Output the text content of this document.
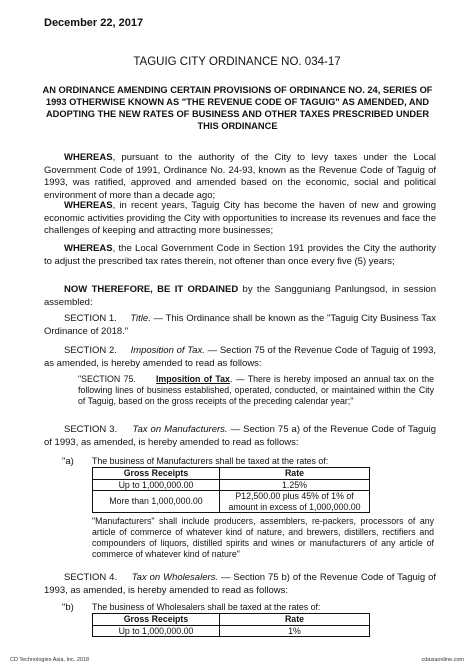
December 22, 2017
TAGUIG CITY ORDINANCE NO. 034-17
AN ORDINANCE AMENDING CERTAIN PROVISIONS OF ORDINANCE NO. 24, SERIES OF 1993 OTHERWISE KNOWN AS "THE REVENUE CODE OF TAGUIG" AS AMENDED, AND ADOPTING THE NEW RATES OF BUSINESS AND OTHER TAXES PRESCRIBED UNDER THIS ORDINANCE
WHEREAS, pursuant to the authority of the City to levy taxes under the Local Government Code of 1991, Ordinance No. 24-93, known as the Revenue Code of Taguig of 1993, was ratified, approved and amended based on the economic, social and political environment of more than a decade ago;
WHEREAS, in recent years, Taguig City has become the haven of new and growing economic activities providing the City with opportunities to increase its revenues and face the challenges of keeping and attracting more businesses;
WHEREAS, the Local Government Code in Section 191 provides the City the authority to adjust the prescribed tax rates therein, not oftener than once every five (5) years;
NOW THEREFORE, BE IT ORDAINED by the Sangguniang Panlungsod, in session assembled:
SECTION 1. Title. — This Ordinance shall be known as the "Taguig City Business Tax Ordinance of 2018."
SECTION 2. Imposition of Tax. — Section 75 of the Revenue Code of Taguig of 1993, as amended, is hereby amended to read as follows:
"SECTION 75. Imposition of Tax. — There is hereby imposed an annual tax on the following lines of business established, operated, conducted, or maintained within the City of Taguig, based on the gross receipts of the preceding calendar year;"
SECTION 3. Tax on Manufacturers. — Section 75 a) of the Revenue Code of Taguig of 1993, as amended, is hereby amended to read as follows:
"a) The business of Manufacturers shall be taxed at the rates of:
Gross Receipts	Rate
Up to 1,000,000.00	1.25%
More than 1,000,000.00	P12,500.00 plus 45% of 1% of amount in excess of 1,000,000.00
"Manufacturers" shall include producers, assemblers, re-packers, processors of any article of commerce of whatever kind of nature, and brewers, distillers, rectifiers and compounders of liquors, distilled spirits and wines or manufacturers of any article of commerce of whatever kind of nature"
SECTION 4. Tax on Wholesalers. — Section 75 b) of the Revenue Code of Taguig of 1993, as amended, is hereby amended to read as follows:
"b) The business of Wholesalers shall be taxed at the rates of:
Gross Receipts	Rate
Up to 1,000,000.00	1%
CD Technologies Asia, Inc. 2018	cdasiaonline.com
